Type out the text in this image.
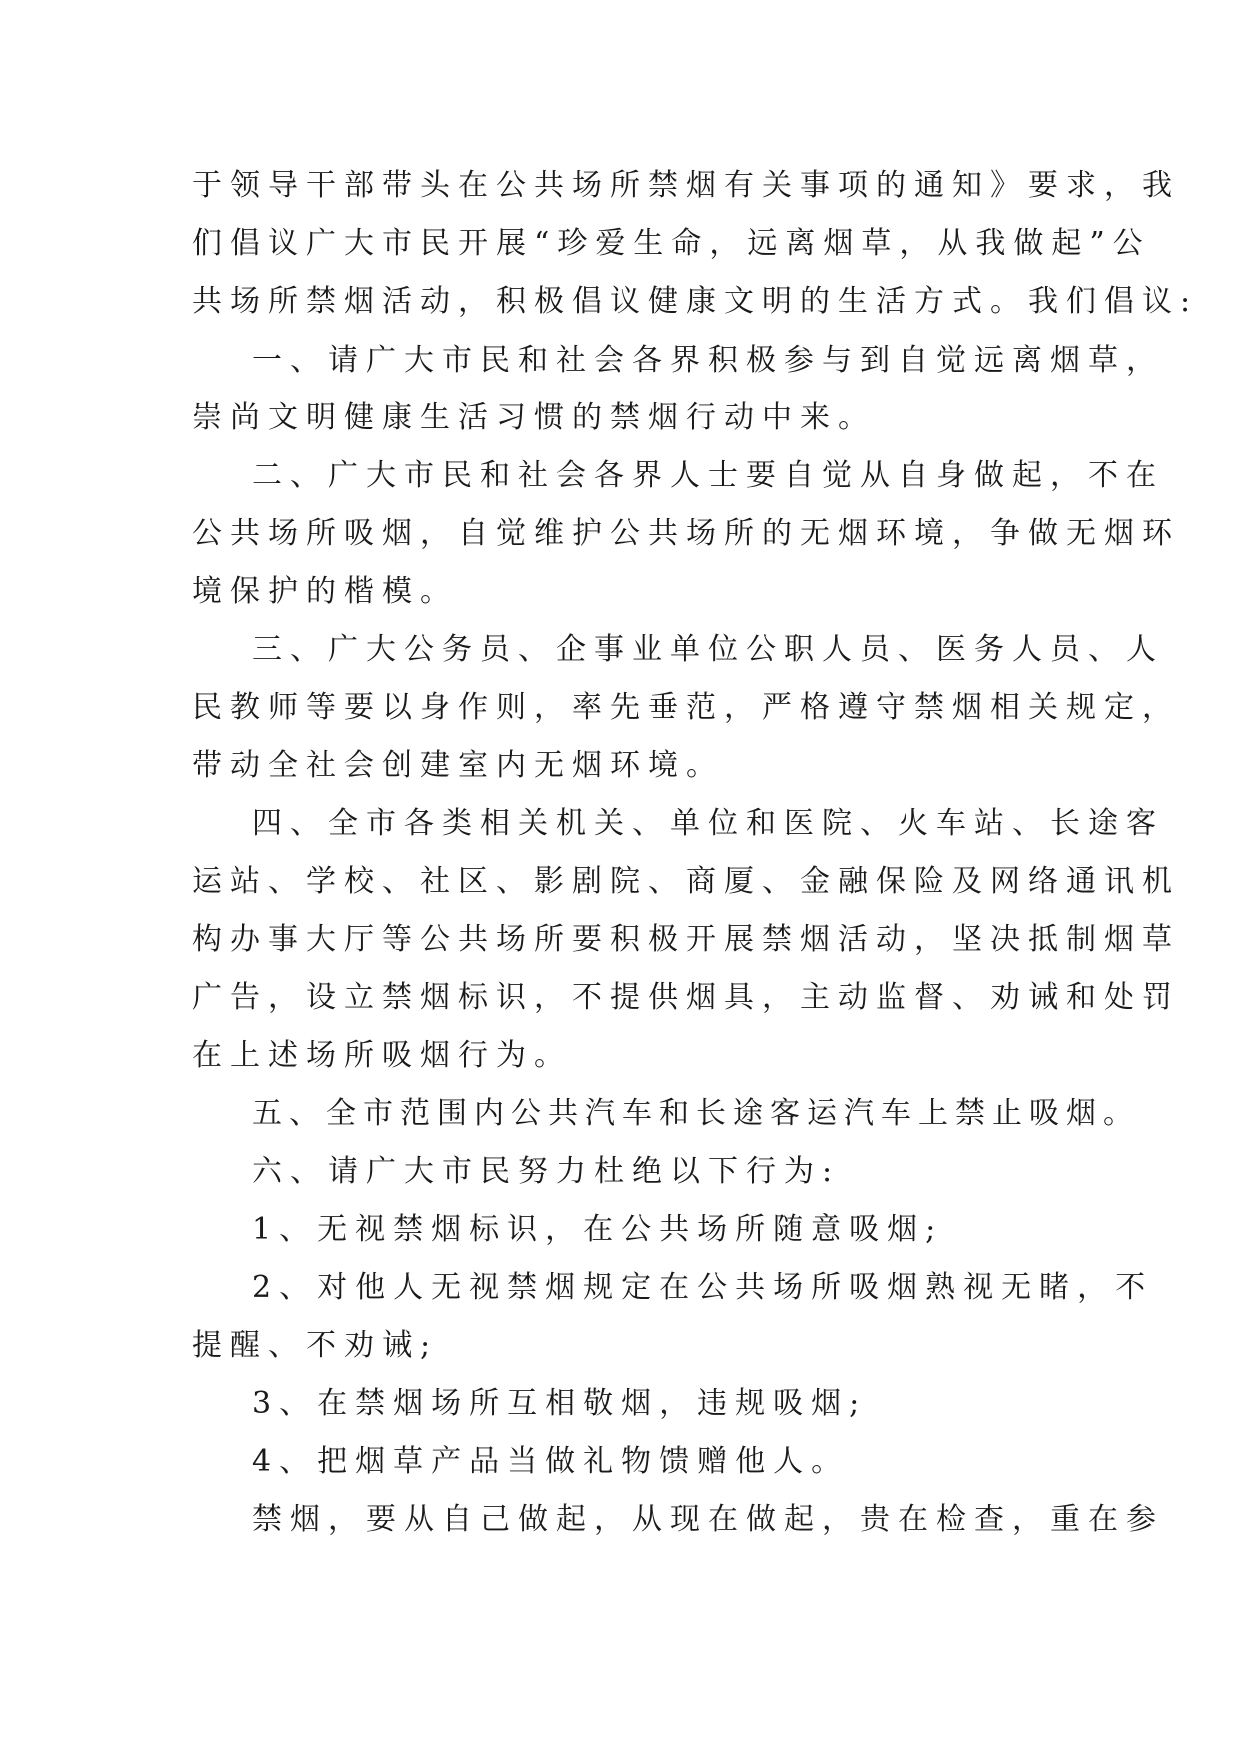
于领导干部带头在公共场所禁烟有关事项的通知》要求，我
们倡议广大市民开展“珍爱生命，远离烟草，从我做起”公
共场所禁烟活动，积极倡议健康文明的生活方式。我们倡议:
一、请广大市民和社会各界积极参与到自觉远离烟草，
崇尚文明健康生活习惯的禁烟行动中来。
二、广大市民和社会各界人士要自觉从自身做起，不在
公共场所吸烟，自觉维护公共场所的无烟环境，争做无烟环
境保护的楷模。
三、广大公务员、企事业单位公职人员、医务人员、人
民教师等要以身作则，率先垂范，严格遵守禁烟相关规定，
带动全社会创建室内无烟环境。
四、全市各类相关机关、单位和医院、火车站、长途客
运站、学校、社区、影剧院、商厦、金融保险及网络通讯机
构办事大厅等公共场所要积极开展禁烟活动，坚决抵制烟草
广告，设立禁烟标识，不提供烟具，主动监督、劝诫和处罚
在上述场所吸烟行为。
五、全市范围内公共汽车和长途客运汽车上禁止吸烟。
六、请广大市民努力杜绝以下行为:
1、无视禁烟标识，在公共场所随意吸烟;
2、对他人无视禁烟规定在公共场所吸烟熟视无睹，不
提醒、不劝诫;
3、在禁烟场所互相敬烟，违规吸烟;
4、把烟草产品当做礼物馈赠他人。
禁烟，要从自己做起，从现在做起，贵在检查，重在参
